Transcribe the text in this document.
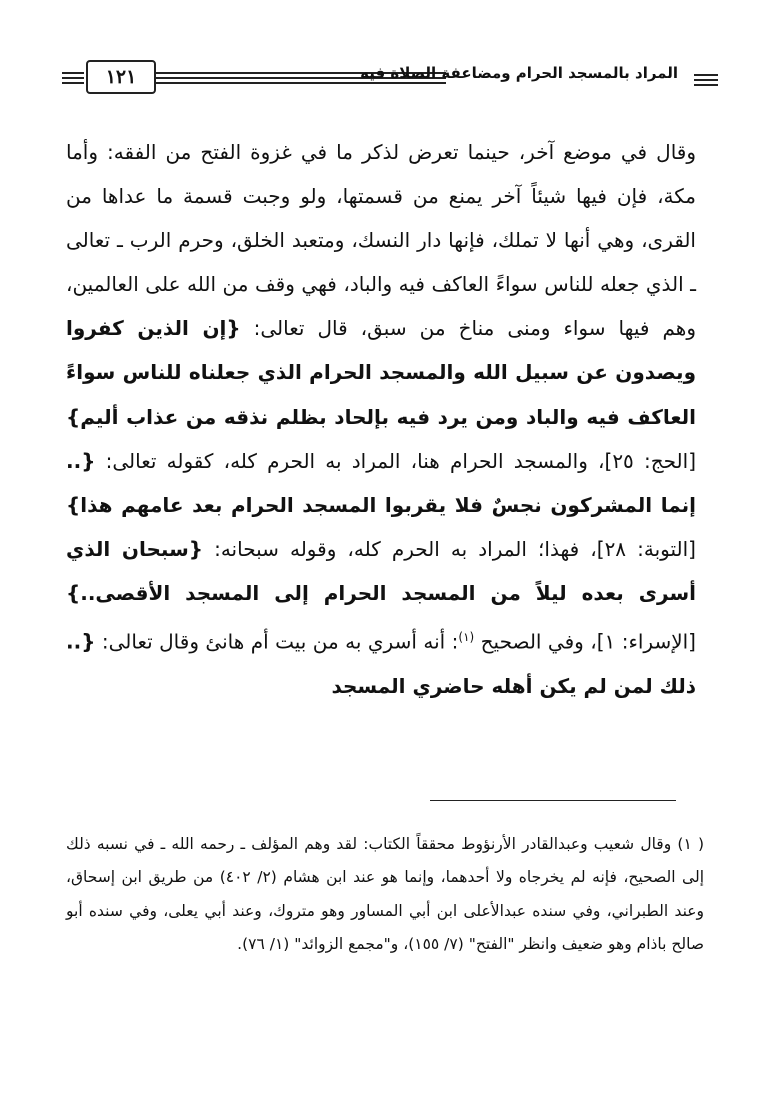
١٢١	المراد بالمسجد الحرام ومضاعفة الصلاة فيه
وقال في موضع آخر، حينما تعرض لذكر ما في غزوة الفتح من الفقه: وأما مكة، فإن فيها شيئاً آخر يمنع من قسمتها، ولو وجبت قسمة ما عداها من القرى، وهي أنها لا تملك، فإنها دار النسك، ومتعبد الخلق، وحرم الرب ـ تعالى ـ الذي جعله للناس سواءً العاكف فيه والباد، فهي وقف من الله على العالمين، وهم فيها سواء ومنى مناخ من سبق، قال تعالى: {إن الذين كفروا ويصدون عن سبيل الله والمسجد الحرام الذي جعلناه للناس سواءً العاكف فيه والباد ومن يرد فيه بإلحاد بظلم نذقه من عذاب أليم}[الحج: ٢٥]، والمسجد الحرام هنا، المراد به الحرم كله، كقوله تعالى: {.. إنما المشركون نجسٌ فلا يقربوا المسجد الحرام بعد عامهم هذا} [التوبة: ٢٨]، فهذا؛ المراد به الحرم كله، وقوله سبحانه: {سبحان الذي أسرى بعده ليلاً من المسجد الحرام إلى المسجد الأقصى..} [الإسراء: ١]، وفي الصحيح $^{(١)}$: أنه أسري به من بيت أم هانئ وقال تعالى: {.. ذلك لمن لم يكن أهله حاضري المسجد
( ١) وقال شعيب وعبدالقادر الأرنؤوط محققاً الكتاب: لقد وهم المؤلف ـ رحمه الله ـ في نسبه ذلك إلى الصحيح، فإنه لم يخرجاه ولا أحدهما، وإنما هو عند ابن هشام (٢/ ٤٠٢) من طريق ابن إسحاق، وعند الطبراني، وفي سنده عبدالأعلى ابن أبي المساور وهو متروك، وعند أبي يعلى، وفي سنده أبو صالح باذام وهو ضعيف وانظر "الفتح" (٧/ ١٥٥)، و"مجمع الزوائد" (١/ ٧٦).
